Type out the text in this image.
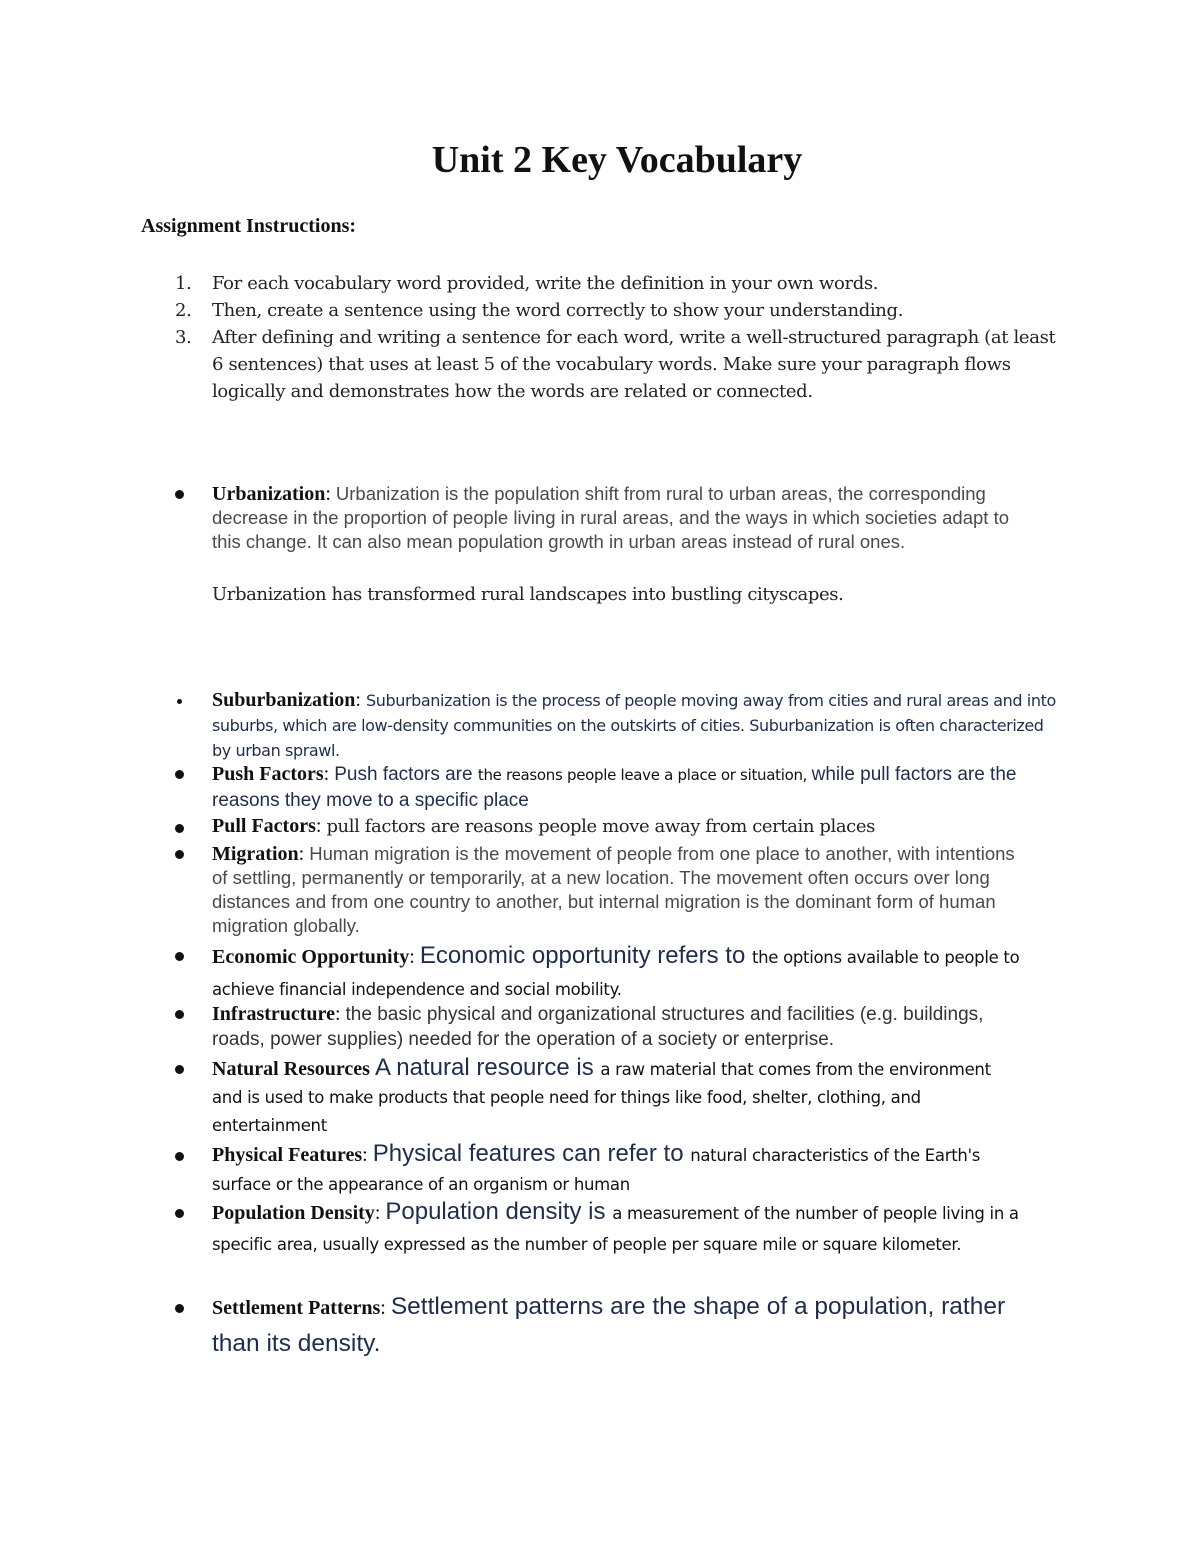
Unit 2 Key Vocabulary
Assignment Instructions:
1. For each vocabulary word provided, write the definition in your own words.
2. Then, create a sentence using the word correctly to show your understanding.
3. After defining and writing a sentence for each word, write a well-structured paragraph (at least 6 sentences) that uses at least 5 of the vocabulary words. Make sure your paragraph flows logically and demonstrates how the words are related or connected.
Urbanization: Urbanization is the population shift from rural to urban areas, the corresponding decrease in the proportion of people living in rural areas, and the ways in which societies adapt to this change. It can also mean population growth in urban areas instead of rural ones.
Urbanization has transformed rural landscapes into bustling cityscapes.
Suburbanization: Suburbanization is the process of people moving away from cities and rural areas and into suburbs, which are low-density communities on the outskirts of cities. Suburbanization is often characterized by urban sprawl.
Push Factors: Push factors are the reasons people leave a place or situation, while pull factors are the reasons they move to a specific place
Pull Factors: pull factors are reasons people move away from certain places
Migration: Human migration is the movement of people from one place to another, with intentions of settling, permanently or temporarily, at a new location. The movement often occurs over long distances and from one country to another, but internal migration is the dominant form of human migration globally.
Economic Opportunity: Economic opportunity refers to the options available to people to achieve financial independence and social mobility.
Infrastructure: the basic physical and organizational structures and facilities (e.g. buildings, roads, power supplies) needed for the operation of a society or enterprise.
Natural Resources A natural resource is a raw material that comes from the environment and is used to make products that people need for things like food, shelter, clothing, and entertainment
Physical Features: Physical features can refer to natural characteristics of the Earth's surface or the appearance of an organism or human
Population Density: Population density is a measurement of the number of people living in a specific area, usually expressed as the number of people per square mile or square kilometer.
Settlement Patterns: Settlement patterns are the shape of a population, rather than its density.
